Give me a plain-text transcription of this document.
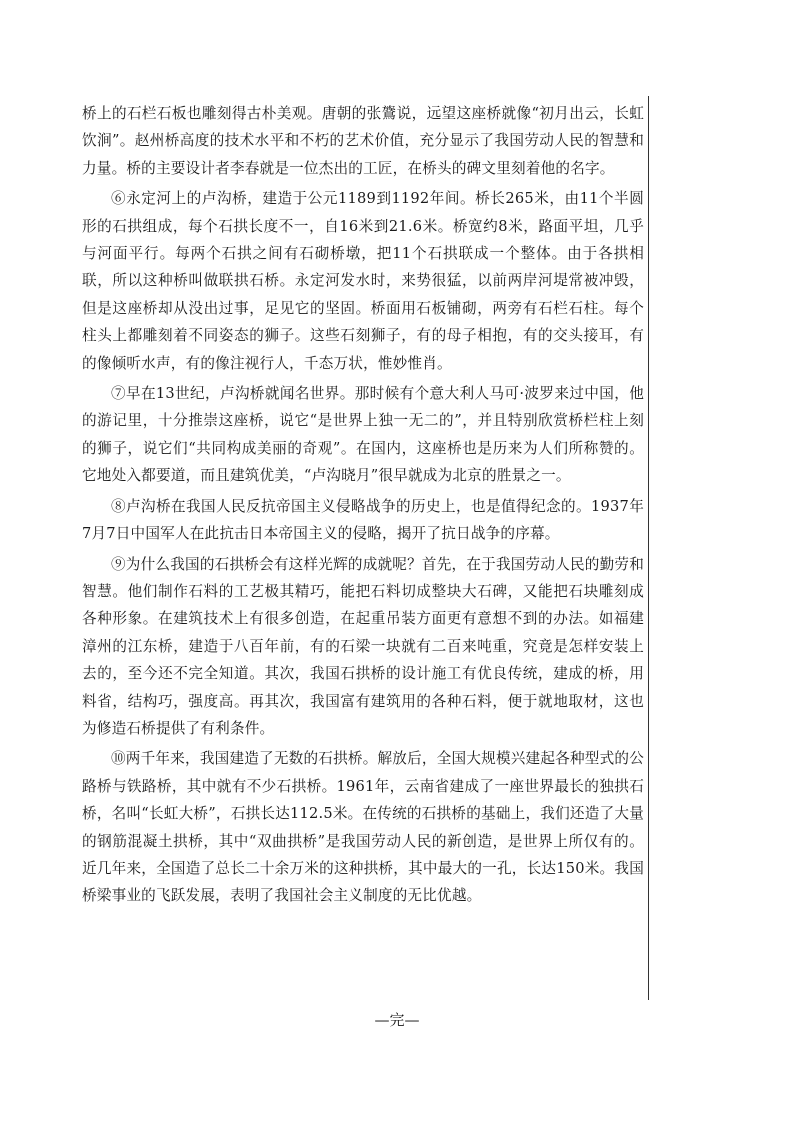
桥上的石栏石板也雕刻得古朴美观。唐朝的张鷟说，远望这座桥就像“初月出云，长虹饮涧”。赵州桥高度的技术水平和不朽的艺术价值，充分显示了我国劳动人民的智慧和力量。桥的主要设计者李春就是一位杰出的工匠，在桥头的碑文里刻着他的名字。

⑥永定河上的卢沟桥，建造于公元1189到1192年间。桥长265米，由11个半圆形的石拱组成，每个石拱长度不一，自16米到21.6米。桥宽约8米，路面平坦，几乎与河面平行。每两个石拱之间有石砌桥墩，把11个石拱联成一个整体。由于各拱相联，所以这种桥叫做联拱石桥。永定河发水时，来势很猛，以前两岸河堤常被冲毁，但是这座桥却从没出过事，足见它的坚固。桥面用石板铺砌，两旁有石栏石柱。每个柱头上都雕刻着不同姿态的狮子。这些石刻狮子，有的母子相抱，有的交头接耳，有的像倾听水声，有的像注视行人，千态万状，惟妙惟肖。

⑦早在13世纪，卢沟桥就闻名世界。那时候有个意大利人马可·波罗来过中国，他的游记里，十分推崇这座桥，说它“是世界上独一无二的”，并且特别欣赏桥栏柱上刻的狮子，说它们“共同构成美丽的奇观”。在国内，这座桥也是历来为人们所称赞的。它地处入都要道，而且建筑优美，“卢沟晓月”很早就成为北京的胜景之一。

⑧卢沟桥在我国人民反抗帝国主义侵略战争的历史上，也是值得纪念的。1937年7月7日中国军人在此抗击日本帝国主义的侵略，揭开了抗日战争的序幕。

⑨为什么我国的石拱桥会有这样光辉的成就呢？首先，在于我国劳动人民的勤劳和智慧。他们制作石料的工艺极其精巧，能把石料切成整块大石碑，又能把石块雕刻成各种形象。在建筑技术上有很多创造，在起重吊装方面更有意想不到的办法。如福建漳州的江东桥，建造于八百年前，有的石梁一块就有二百来吨重，究竟是怎样安装上去的，至今还不完全知道。其次，我国石拱桥的设计施工有优良传统，建成的桥，用料省，结构巧，强度高。再其次，我国富有建筑用的各种石料，便于就地取材，这也为修造石桥提供了有利条件。

⑩两千年来，我国建造了无数的石拱桥。解放后，全国大规模兴建起各种型式的公路桥与铁路桥，其中就有不少石拱桥。1961年，云南省建成了一座世界最长的独拱石桥，名叫“长虹大桥”，石拱长达112.5米。在传统的石拱桥的基础上，我们还造了大量的钢筋混凝土拱桥，其中“双曲拱桥”是我国劳动人民的新创造，是世界上所仅有的。近几年来，全国造了总长二十余万米的这种拱桥，其中最大的一孔，长达150米。我国桥梁事业的飞跃发展，表明了我国社会主义制度的无比优越。

—完—
